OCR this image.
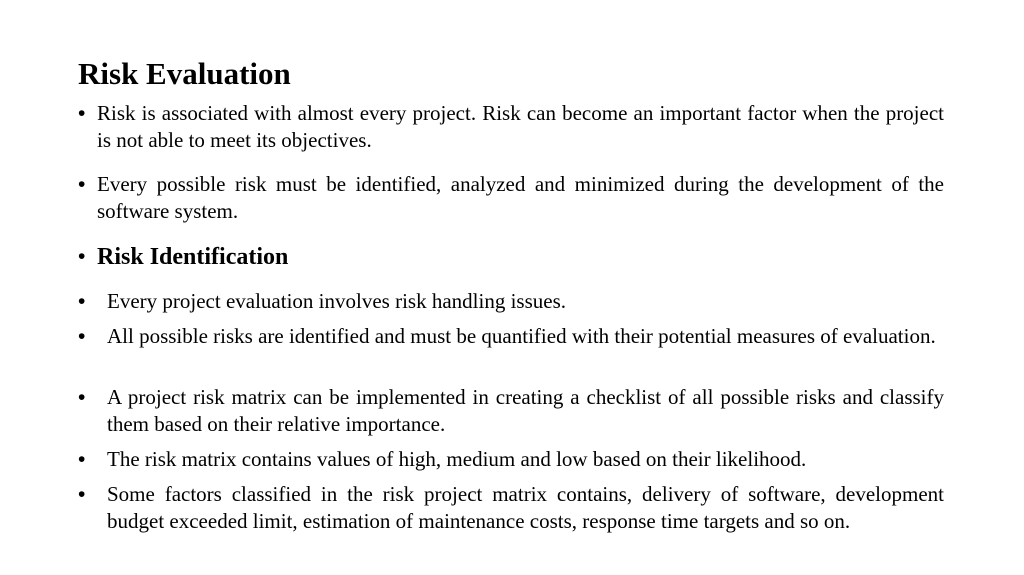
Risk Evaluation
• Risk is associated with almost every project. Risk can become an important factor when the project is not able to meet its objectives.
• Every possible risk must be identified, analyzed and minimized during the development of the software system.
• Risk Identification
• Every project evaluation involves risk handling issues.
• All possible risks are identified and must be quantified with their potential measures of evaluation.
• A project risk matrix can be implemented in creating a checklist of all possible risks and classify them based on their relative importance.
• The risk matrix contains values of high, medium and low based on their likelihood.
• Some factors classified in the risk project matrix contains, delivery of software, development budget exceeded limit, estimation of maintenance costs, response time targets and so on.
